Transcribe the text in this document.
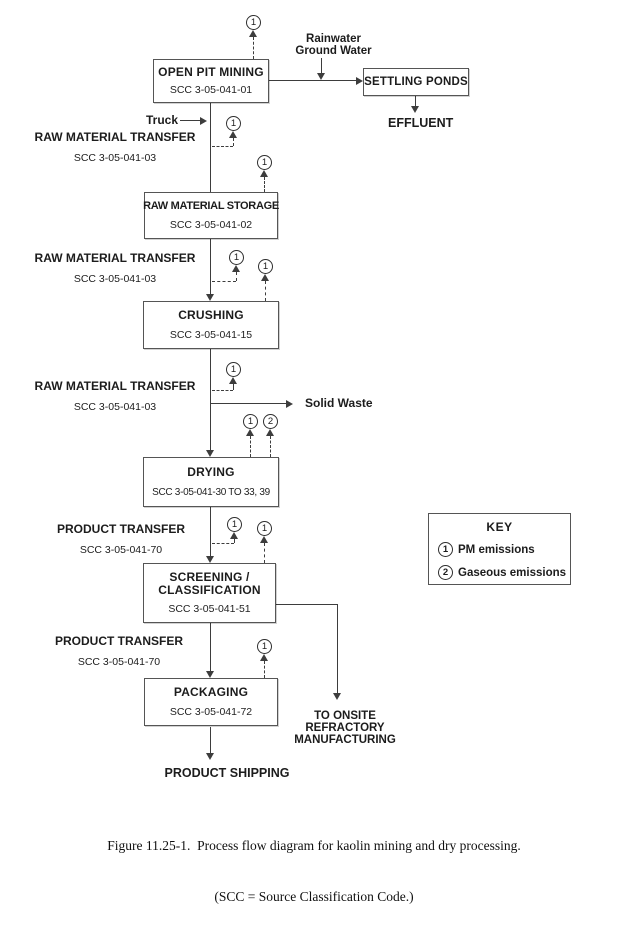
1
1
1
1
1
1
1	2
1	1
1
OPEN PIT MINING
SCC 3-05-041-01
SETTLING PONDS
RAW MATERIAL STORAGE
SCC 3-05-041-02
CRUSHING
SCC 3-05-041-15
DRYING
SCC 3-05-041-30 TO 33, 39
SCREENING /
CLASSIFICATION
SCC 3-05-041-51
PACKAGING
SCC 3-05-041-72
Rainwater
Ground Water
EFFLUENT
Truck
Solid Waste
RAW MATERIAL TRANSFER
SCC 3-05-041-03
RAW MATERIAL TRANSFER
SCC 3-05-041-03
RAW MATERIAL TRANSFER
SCC 3-05-041-03
PRODUCT TRANSFER
SCC 3-05-041-70
PRODUCT TRANSFER
SCC 3-05-041-70
TO ONSITE
REFRACTORY
MANUFACTURING
PRODUCT SHIPPING
KEY
1 PM emissions
2 Gaseous emissions

Figure 11.25-1.  Process flow diagram for kaolin mining and dry processing.

(SCC = Source Classification Code.)
